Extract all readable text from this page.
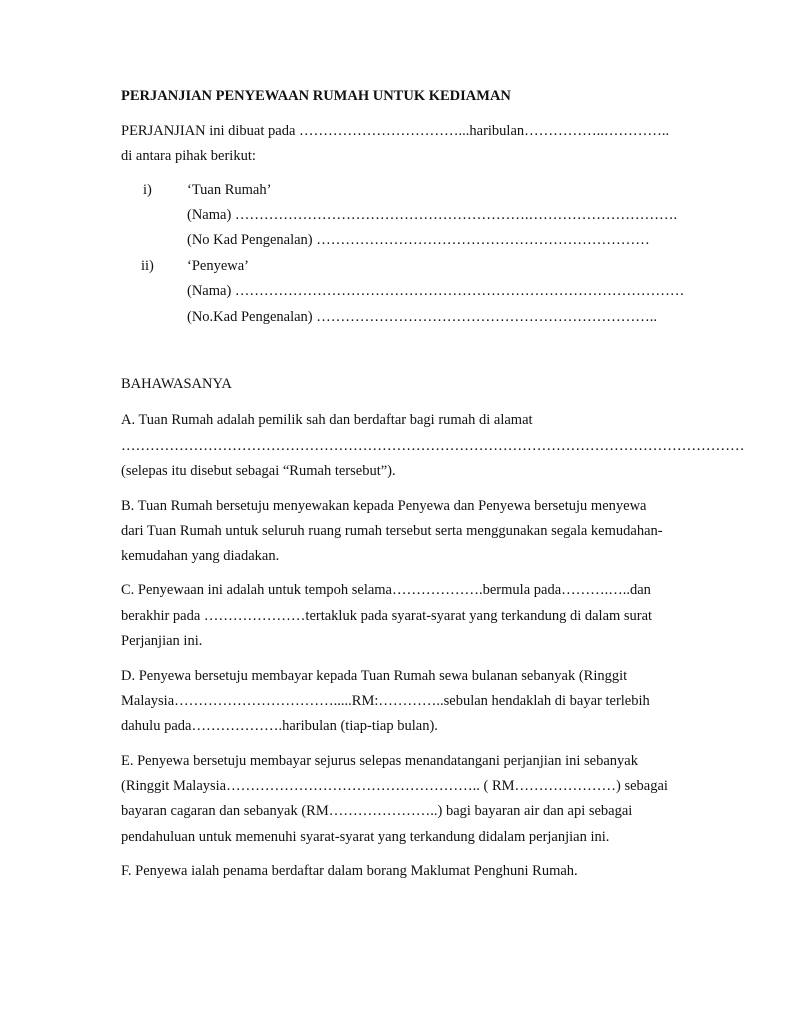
PERJANJIAN PENYEWAAN RUMAH UNTUK KEDIAMAN
PERJANJIAN ini dibuat pada ……………………………...haribulan……………..…………..
di antara pihak berikut:
i) ‘Tuan Rumah’
(Nama) …………………………………………………….………………………….
(No Kad Pengenalan) ……………………………………………………………
ii) ‘Penyewa’
(Nama) …………………………………………………………………………………
(No.Kad Pengenalan) ……………………………………………………………..
BAHAWASANYA
A. Tuan Rumah adalah pemilik sah dan berdaftar bagi rumah di alamat
…………………………………………………………………………………………………………………
(selepas itu disebut sebagai “Rumah tersebut”).
B. Tuan Rumah bersetuju menyewakan kepada Penyewa dan Penyewa bersetuju menyewa
dari Tuan Rumah untuk seluruh ruang rumah tersebut serta menggunakan segala kemudahan-
kemudahan yang diadakan.
C. Penyewaan ini adalah untuk tempoh selama……………….bermula pada……….…..dan
berakhir pada …………………tertakluk pada syarat-syarat yang terkandung di dalam surat
Perjanjian ini.
D. Penyewa bersetuju membayar kepada Tuan Rumah sewa bulanan sebanyak (Ringgit
Malaysia…………………………….....RM:…………..sebulan hendaklah di bayar terlebih
dahulu pada……………….haribulan (tiap-tiap bulan).
E. Penyewa bersetuju membayar sejurus selepas menandatangani perjanjian ini sebanyak
(Ringgit Malaysia…………………………………………….. ( RM…………………) sebagai
bayaran cagaran dan sebanyak (RM…………………..) bagi bayaran air dan api sebagai
pendahuluan untuk memenuhi syarat-syarat yang terkandung didalam perjanjian ini.
F. Penyewa ialah penama berdaftar dalam borang Maklumat Penghuni Rumah.
